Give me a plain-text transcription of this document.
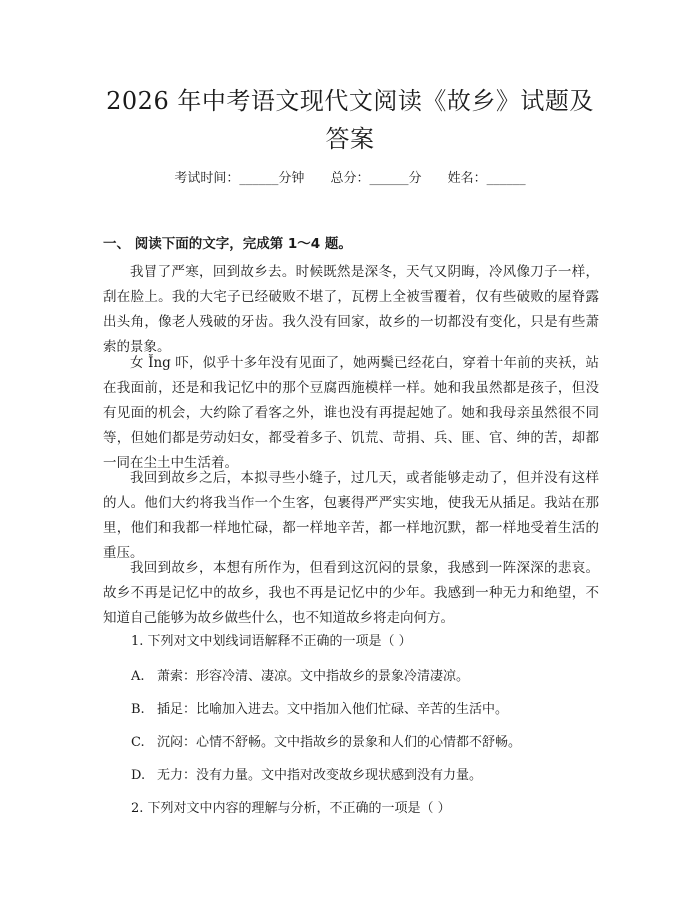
2026 年中考语文现代文阅读《故乡》试题及
答案
考试时间：______分钟 总分：______分 姓名：______
一、 阅读下面的文字，完成第 1～4 题。
我冒了严寒，回到故乡去。时候既然是深冬，天气又阴晦，冷风像刀子一样，刮在脸上。我的大宅子已经破败不堪了，瓦楞上全被雪覆着，仅有些破败的屋脊露出头角，像老人残破的牙齿。我久没有回家，故乡的一切都没有变化，只是有些萧索的景象。
女 Ĭng 吓，似乎十多年没有见面了，她两鬓已经花白，穿着十年前的夹袄，站在我面前，还是和我记忆中的那个豆腐西施模样一样。她和我虽然都是孩子，但没有见面的机会，大约除了看客之外，谁也没有再提起她了。她和我母亲虽然很不同等，但她们都是劳动妇女，都受着多子、饥荒、苛捐、兵、匪、官、绅的苦，却都一同在尘土中生活着。
我回到故乡之后，本拟寻些小缝子，过几天，或者能够走动了，但并没有这样的人。他们大约将我当作一个生客，包裹得严严实实地，使我无从插足。我站在那里，他们和我都一样地忙碌，都一样地辛苦，都一样地沉默，都一样地受着生活的重压。
我回到故乡，本想有所作为，但看到这沉闷的景象，我感到一阵深深的悲哀。故乡不再是记忆中的故乡，我也不再是记忆中的少年。我感到一种无力和绝望，不知道自己能够为故乡做些什么，也不知道故乡将走向何方。
1. 下列对文中划线词语解释不正确的一项是（ ）
A. 萧索：形容冷清、凄凉。文中指故乡的景象冷清凄凉。
B. 插足：比喻加入进去。文中指加入他们忙碌、辛苦的生活中。
C. 沉闷：心情不舒畅。文中指故乡的景象和人们的心情都不舒畅。
D. 无力：没有力量。文中指对改变故乡现状感到没有力量。
2. 下列对文中内容的理解与分析，不正确的一项是（ ）
